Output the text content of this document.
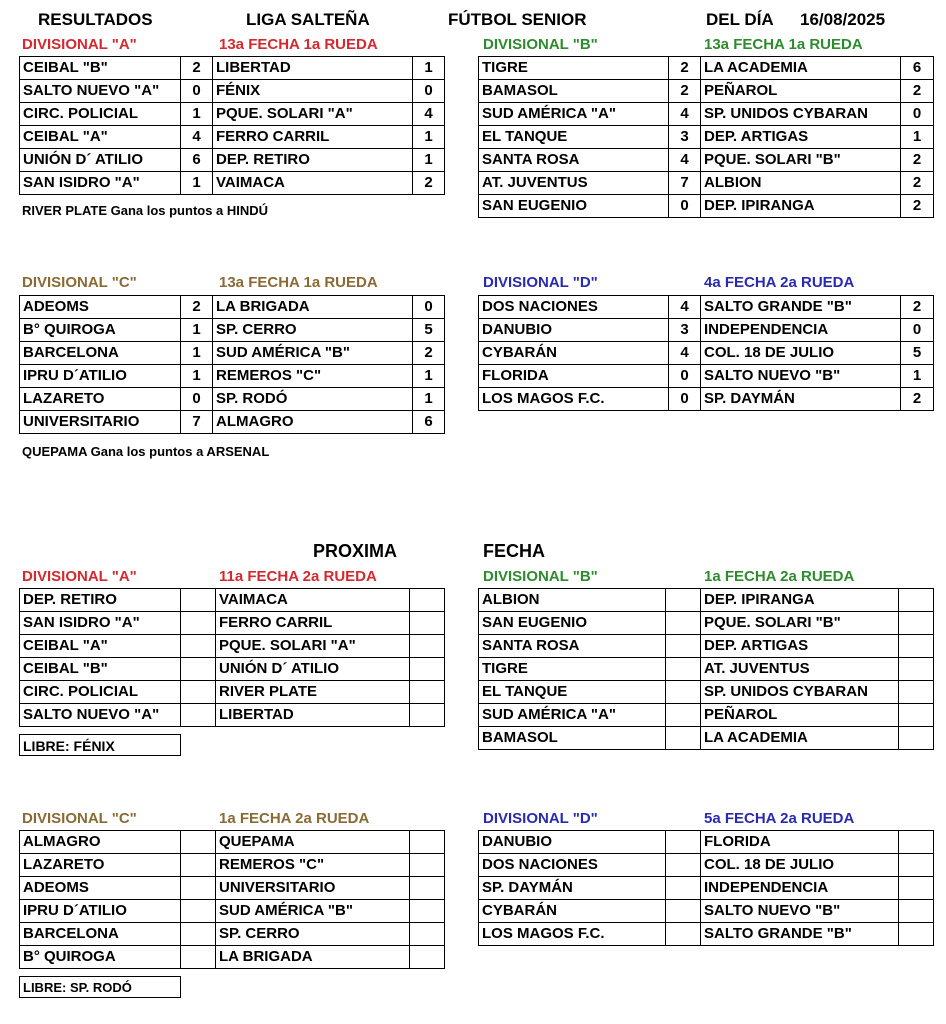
RESULTADOS	LIGA SALTEÑA	FÚTBOL SENIOR	DEL DÍA 16/08/2025
DIVISIONAL "A"	13a FECHA 1a RUEDA
CEIBAL "B"	2	LIBERTAD	1
SALTO NUEVO "A"	0	FÉNIX	0
CIRC. POLICIAL	1	PQUE. SOLARI "A"	4
CEIBAL "A"	4	FERRO CARRIL	1
UNIÓN D´ ATILIO	6	DEP. RETIRO	1
SAN ISIDRO "A"	1	VAIMACA	2
RIVER PLATE Gana los puntos a HINDÚ
DIVISIONAL "B"	13a FECHA 1a RUEDA
TIGRE	2	LA ACADEMIA	6
BAMASOL	2	PEÑAROL	2
SUD AMÉRICA "A"	4	SP. UNIDOS CYBARAN	0
EL TANQUE	3	DEP. ARTIGAS	1
SANTA ROSA	4	PQUE. SOLARI "B"	2
AT. JUVENTUS	7	ALBION	2
SAN EUGENIO	0	DEP. IPIRANGA	2
DIVISIONAL "C"	13a FECHA 1a RUEDA
ADEOMS	2	LA BRIGADA	0
B° QUIROGA	1	SP. CERRO	5
BARCELONA	1	SUD AMÉRICA "B"	2
IPRU D´ATILIO	1	REMEROS "C"	1
LAZARETO	0	SP. RODÓ	1
UNIVERSITARIO	7	ALMAGRO	6
QUEPAMA Gana los puntos a ARSENAL
DIVISIONAL "D"	4a FECHA 2a RUEDA
DOS NACIONES	4	SALTO GRANDE "B"	2
DANUBIO	3	INDEPENDENCIA	0
CYBARÁN	4	COL. 18 DE JULIO	5
FLORIDA	0	SALTO NUEVO "B"	1
LOS MAGOS F.C.	0	SP. DAYMÁN	2
PROXIMA	FECHA
DIVISIONAL "A"	11a FECHA 2a RUEDA
DEP. RETIRO		VAIMACA	
SAN ISIDRO "A"		FERRO CARRIL	
CEIBAL "A"		PQUE. SOLARI "A"	
CEIBAL "B"		UNIÓN D´ ATILIO	
CIRC. POLICIAL		RIVER PLATE	
SALTO NUEVO "A"		LIBERTAD	
LIBRE: FÉNIX
DIVISIONAL "B"	1a FECHA 2a RUEDA
ALBION		DEP. IPIRANGA	
SAN EUGENIO		PQUE. SOLARI "B"	
SANTA ROSA		DEP. ARTIGAS	
TIGRE		AT. JUVENTUS	
EL TANQUE		SP. UNIDOS CYBARAN	
SUD AMÉRICA "A"		PEÑAROL	
BAMASOL		LA ACADEMIA	
DIVISIONAL "C"	1a FECHA 2a RUEDA
ALMAGRO		QUEPAMA	
LAZARETO		REMEROS "C"	
ADEOMS		UNIVERSITARIO	
IPRU D´ATILIO		SUD AMÉRICA "B"	
BARCELONA		SP. CERRO	
B° QUIROGA		LA BRIGADA	
LIBRE: SP. RODÓ
DIVISIONAL "D"	5a FECHA 2a RUEDA
DANUBIO		FLORIDA	
DOS NACIONES		COL. 18 DE JULIO	
SP. DAYMÁN		INDEPENDENCIA	
CYBARÁN		SALTO NUEVO "B"	
LOS MAGOS F.C.		SALTO GRANDE "B"	
